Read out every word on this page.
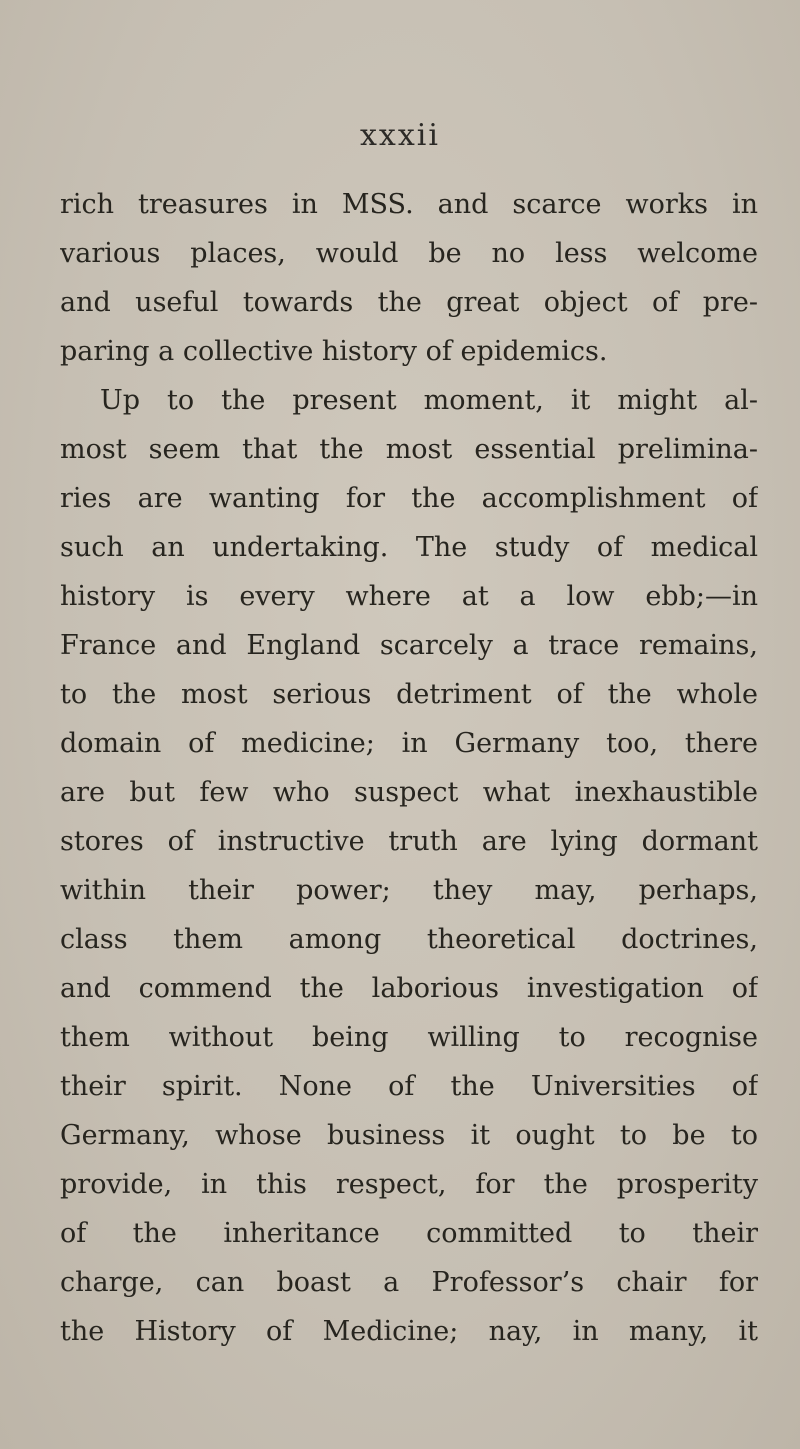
xxxii
rich treasures in MSS. and scarce works in
various places, would be no less welcome
and useful towards the great object of pre-
paring a collective history of epidemics.
Up to the present moment, it might al-
most seem that the most essential prelimina-
ries are wanting for the accomplishment of
such an undertaking. The study of medical
history is every where at a low ebb;—in
France and England scarcely a trace remains,
to the most serious detriment of the whole
domain of medicine; in Germany too, there
are but few who suspect what inexhaustible
stores of instructive truth are lying dormant
within their power; they may, perhaps,
class them among theoretical doctrines,
and commend the laborious investigation of
them without being willing to recognise
their spirit. None of the Universities of
Germany, whose business it ought to be to
provide, in this respect, for the prosperity
of the inheritance committed to their
charge, can boast a Professor’s chair for
the History of Medicine; nay, in many, it
